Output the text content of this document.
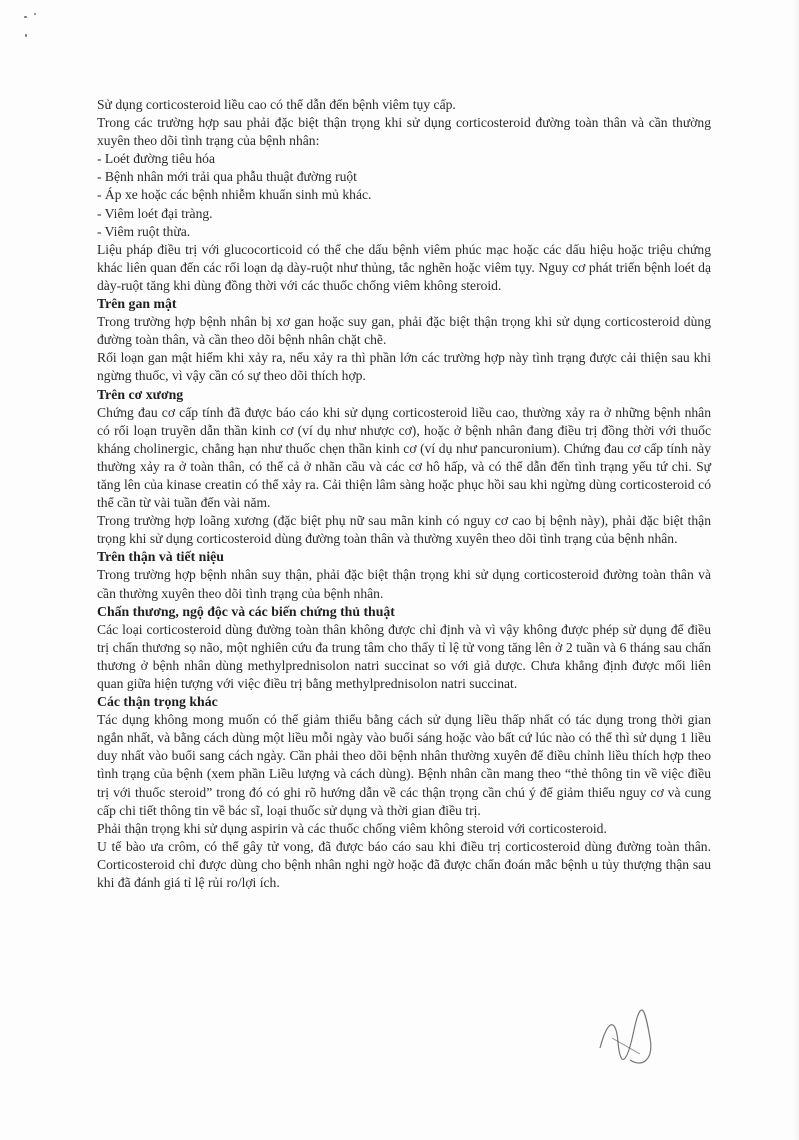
Sử dụng corticosteroid liều cao có thể dẫn đến bệnh viêm tụy cấp.

Trong các trường hợp sau phải đặc biệt thận trọng khi sử dụng corticosteroid đường toàn thân và cần thường xuyên theo dõi tình trạng của bệnh nhân:

- Loét đường tiêu hóa

- Bệnh nhân mới trải qua phẫu thuật đường ruột

- Áp xe hoặc các bệnh nhiễm khuẩn sinh mủ khác.

- Viêm loét đại tràng.

- Viêm ruột thừa.

Liệu pháp điều trị với glucocorticoid có thể che dấu bệnh viêm phúc mạc hoặc các dấu hiệu hoặc triệu chứng khác liên quan đến các rối loạn dạ dày-ruột như thủng, tắc nghẽn hoặc viêm tụy. Nguy cơ phát triển bệnh loét dạ dày-ruột tăng khi dùng đồng thời với các thuốc chống viêm không steroid.

Trên gan mật

Trong trường hợp bệnh nhân bị xơ gan hoặc suy gan, phải đặc biệt thận trọng khi sử dụng corticosteroid dùng đường toàn thân, và cần theo dõi bệnh nhân chặt chẽ.

Rối loạn gan mật hiếm khi xảy ra, nếu xảy ra thì phần lớn các trường hợp này tình trạng được cải thiện sau khi ngừng thuốc, vì vậy cần có sự theo dõi thích hợp.

Trên cơ xương

Chứng đau cơ cấp tính đã được báo cáo khi sử dụng corticosteroid liều cao, thường xảy ra ở những bệnh nhân có rối loạn truyền dẫn thần kinh cơ (ví dụ như nhược cơ), hoặc ở bệnh nhân đang điều trị đồng thời với thuốc kháng cholinergic, chẳng hạn như thuốc chẹn thần kinh cơ (ví dụ như pancuronium). Chứng đau cơ cấp tính này thường xảy ra ở toàn thân, có thể cả ở nhãn cầu và các cơ hô hấp, và có thể dẫn đến tình trạng yếu tứ chi. Sự tăng lên của kinase creatin có thể xảy ra. Cải thiện lâm sàng hoặc phục hồi sau khi ngừng dùng corticosteroid có thể cần từ vài tuần đến vài năm.

Trong trường hợp loãng xương (đặc biệt phụ nữ sau mãn kinh có nguy cơ cao bị bệnh này), phải đặc biệt thận trọng khi sử dụng corticosteroid dùng đường toàn thân và thường xuyên theo dõi tình trạng của bệnh nhân.

Trên thận và tiết niệu

Trong trường hợp bệnh nhân suy thận, phải đặc biệt thận trọng khi sử dụng corticosteroid đường toàn thân và cần thường xuyên theo dõi tình trạng của bệnh nhân.

Chấn thương, ngộ độc và các biến chứng thủ thuật

Các loại corticosteroid dùng đường toàn thân không được chỉ định và vì vậy không được phép sử dụng để điều trị chấn thương sọ não, một nghiên cứu đa trung tâm cho thấy tỉ lệ tử vong tăng lên ở 2 tuần và 6 tháng sau chấn thương ở bệnh nhân dùng methylprednisolon natri succinat so với giả dược. Chưa khẳng định được mối liên quan giữa hiện tượng với việc điều trị bằng methylprednisolon natri succinat.

Các thận trọng khác

Tác dụng không mong muốn có thể giảm thiểu bằng cách sử dụng liều thấp nhất có tác dụng trong thời gian ngắn nhất, và bằng cách dùng một liều mỗi ngày vào buổi sáng hoặc vào bất cứ lúc nào có thể thì sử dụng 1 liều duy nhất vào buổi sang cách ngày. Cần phải theo dõi bệnh nhân thường xuyên để điều chỉnh liều thích hợp theo tình trạng của bệnh (xem phần Liều lượng và cách dùng). Bệnh nhân cần mang theo “thẻ thông tin về việc điều trị với thuốc steroid” trong đó có ghi rõ hướng dẫn về các thận trọng cần chú ý để giảm thiểu nguy cơ và cung cấp chi tiết thông tin về bác sĩ, loại thuốc sử dụng và thời gian điều trị.

Phải thận trọng khi sử dụng aspirin và các thuốc chống viêm không steroid với corticosteroid.

U tế bào ưa crôm, có thể gây tử vong, đã được báo cáo sau khi điều trị corticosteroid dùng đường toàn thân. Corticosteroid chỉ được dùng cho bệnh nhân nghi ngờ hoặc đã được chẩn đoán mắc bệnh u tủy thượng thận sau khi đã đánh giá tỉ lệ rủi ro/lợi ích.
